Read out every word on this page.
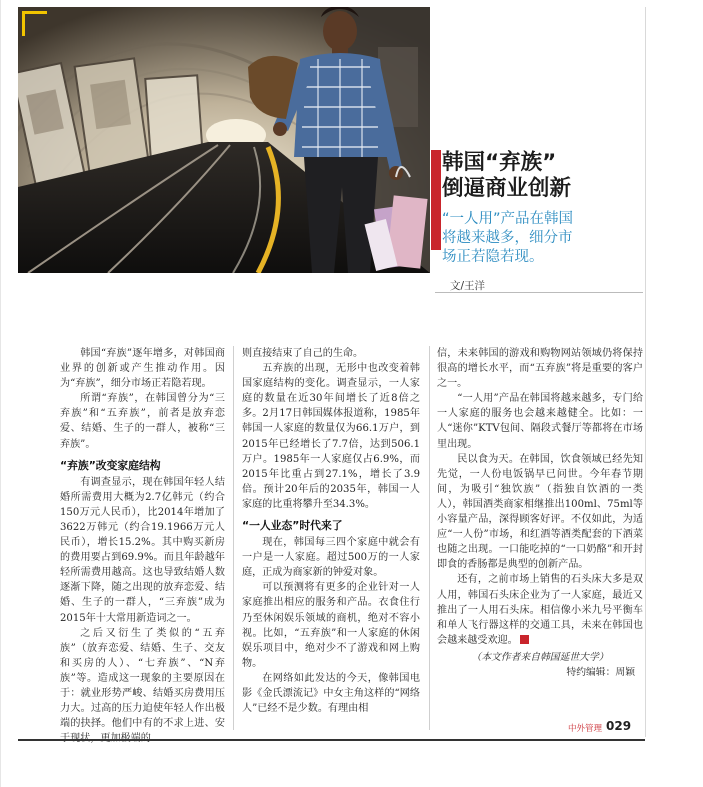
韩国“弃族”
倒逼商业创新
“一人用”产品在韩国
将越来越多，细分市
场正若隐若现。
文/王洋

韩国“弃族”逐年增多，对韩国商业界的创新或产生推动作用。因为“弃族”，细分市场正若隐若现。

所谓“弃族”，在韩国曾分为“三弃族”和“五弃族”，前者是放弃恋爱、结婚、生子的一群人，被称“三弃族”。

“弃族”改变家庭结构

有调查显示，现在韩国年轻人结婚所需费用大概为2.7亿韩元（约合150万元人民币），比2014年增加了3622万韩元（约合19.1966万元人民币），增长15.2%。其中购买新房的费用要占到69.9%。而且年龄越年轻所需费用越高。这也导致结婚人数逐渐下降，随之出现的放弃恋爱、结婚、生子的一群人，“三弃族”成为2015年十大常用新造词之一。

之后又衍生了类似的“五弃族”（放弃恋爱、结婚、生子、交友和买房的人）、“七弃族”、“N弃族”等。造成这一现象的主要原因在于：就业形势严峻、结婚买房费用压力大。过高的压力迫使年轻人作出极端的抉择。他们中有的不求上进、安

则直接结束了自己的生命。

五弃族的出现，无形中也改变着韩国家庭结构的变化。调查显示，一人家庭的数量在近30年间增长了近8倍之多。2月17日韩国媒体报道称，1985年韩国一人家庭的数量仅为66.1万户，到2015年已经增长了7.7倍，达到506.1万户。1985年一人家庭仅占6.9%，而2015年比重占到27.1%，增长了3.9倍。预计20年后的2035年，韩国一人家庭的比重将攀升至34.3%。

“一人业态”时代来了

现在，韩国每三四个家庭中就会有一户是一人家庭。超过500万的一人家庭，正成为商家新的钟爱对象。

可以预测将有更多的企业针对一人家庭推出相应的服务和产品。衣食住行乃至休闲娱乐领域的商机，绝对不容小视。比如，“五弃族”和一人家庭的休闲娱乐项目中，绝对少不了游戏和网上购物。

在网络如此发达的今天，像韩国电影《金氏漂流记》中女主角这样的“网络人”已经不是少数。有理由相

信，未来韩国的游戏和购物网站领域仍将保持很高的增长水平，而“五弃族”将是重要的客户之一。

“一人用”产品在韩国将越来越多，专门给一人家庭的服务也会越来越健全。比如：一人“迷你”KTV包间、隔段式餐厅等都将在市场里出现。

民以食为天。在韩国，饮食领域已经先知先觉，一人份电饭锅早已问世。今年春节期间，为吸引“独饮族”（指独自饮酒的一类人），韩国酒类商家相继推出100ml、75ml等小容量产品，深得顾客好评。不仅如此，为适应“一人份”市场，和红酒等酒类配套的下酒菜也随之出现。一口能吃掉的“一口奶酪”和开封即食的香肠都是典型的创新产品。

还有，之前市场上销售的石头床大多是双人用，韩国石头床企业为了一人家庭，最近又推出了一人用石头床。相信像小米九号平衡车和单人飞行器这样的交通工具，未来在韩国也会越来越受欢迎。

（本文作者来自韩国延世大学）
特约编辑：周颖
中外管理 029
